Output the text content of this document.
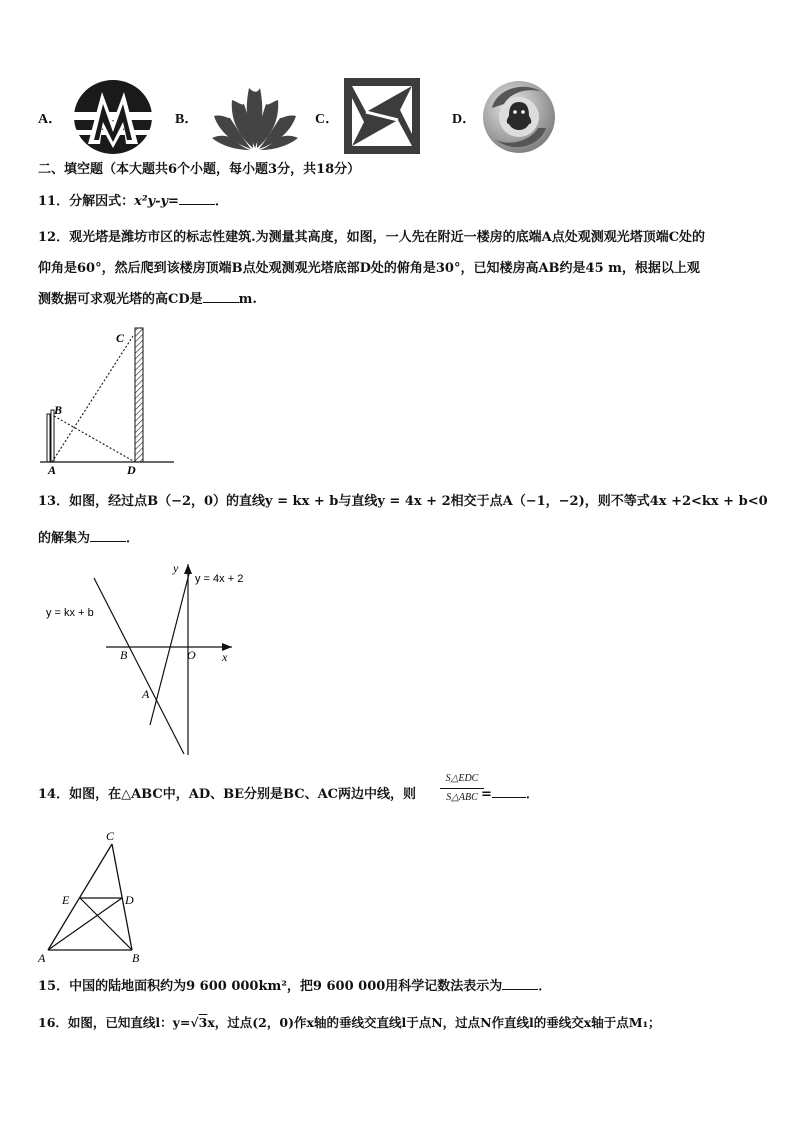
A．	B．	C．	D．
二、填空题（本大题共6个小题，每小题3分，共18分）
11．分解因式：x²y-y=	．
12．观光塔是潍坊市区的标志性建筑.为测量其高度，如图，一人先在附近一楼房的底端A点处观测观光塔顶端C处的
仰角是60°，然后爬到该楼房顶端B点处观测观光塔底部D处的俯角是30°，已知楼房高AB约是45 m，根据以上观
测数据可求观光塔的高CD是	m.
C
B
A	D
13．如图，经过点B（−2，0）的直线y = kx + b与直线y = 4x + 2相交于点A（−1，−2)，则不等式4x +2<kx + b<0
的解集为	．
y
x
y = 4x + 2
y = kx + b
B	O
A
14．如图，在△ABC中，AD、BE分别是BC、AC两边中线，则
S△EDC
S△ABC =	．
C
E	D
A	B
15．中国的陆地面积约为9 600 000km²，把9 600 000用科学记数法表示为	．
16．如图，已知直线l：y=√3x，过点(2，0)作x轴的垂线交直线l于点N，过点N作直线l的垂线交x轴于点M₁；
